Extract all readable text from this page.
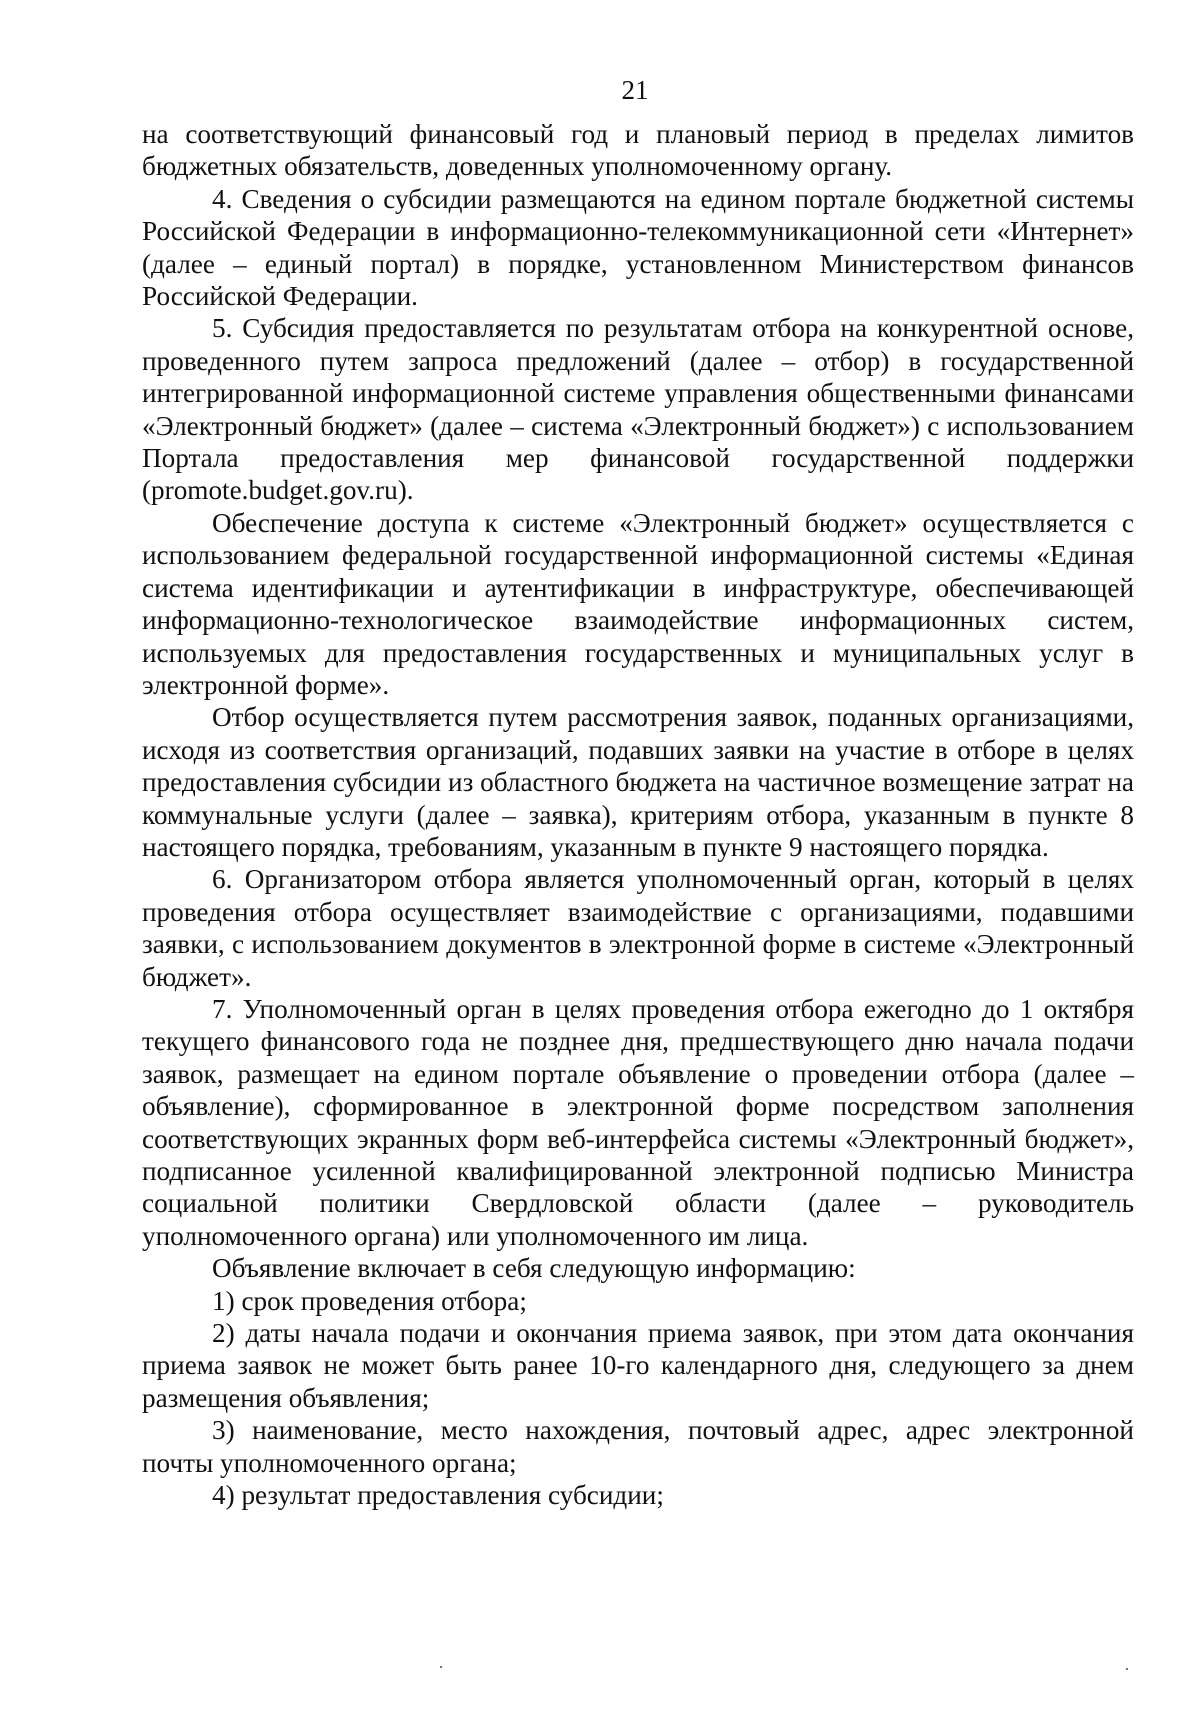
21

на соответствующий финансовый год и плановый период в пределах лимитов бюджетных обязательств, доведенных уполномоченному органу.

4. Сведения о субсидии размещаются на едином портале бюджетной системы Российской Федерации в информационно-телекоммуникационной сети «Интернет» (далее – единый портал) в порядке, установленном Министерством финансов Российской Федерации.

5. Субсидия предоставляется по результатам отбора на конкурентной основе, проведенного путем запроса предложений (далее – отбор) в государственной интегрированной информационной системе управления общественными финансами «Электронный бюджет» (далее – система «Электронный бюджет») с использованием Портала предоставления мер финансовой государственной поддержки (promote.budget.gov.ru).

Обеспечение доступа к системе «Электронный бюджет» осуществляется с использованием федеральной государственной информационной системы «Единая система идентификации и аутентификации в инфраструктуре, обеспечивающей информационно-технологическое взаимодействие информационных систем, используемых для предоставления государственных и муниципальных услуг в электронной форме».

Отбор осуществляется путем рассмотрения заявок, поданных организациями, исходя из соответствия организаций, подавших заявки на участие в отборе в целях предоставления субсидии из областного бюджета на частичное возмещение затрат на коммунальные услуги (далее – заявка), критериям отбора, указанным в пункте 8 настоящего порядка, требованиям, указанным в пункте 9 настоящего порядка.

6. Организатором отбора является уполномоченный орган, который в целях проведения отбора осуществляет взаимодействие с организациями, подавшими заявки, с использованием документов в электронной форме в системе «Электронный бюджет».

7. Уполномоченный орган в целях проведения отбора ежегодно до 1 октября текущего финансового года не позднее дня, предшествующего дню начала подачи заявок, размещает на едином портале объявление о проведении отбора (далее – объявление), сформированное в электронной форме посредством заполнения соответствующих экранных форм веб-интерфейса системы «Электронный бюджет», подписанное усиленной квалифицированной электронной подписью Министра социальной политики Свердловской области (далее – руководитель уполномоченного органа) или уполномоченного им лица.

Объявление включает в себя следующую информацию:

1) срок проведения отбора;

2) даты начала подачи и окончания приема заявок, при этом дата окончания приема заявок не может быть ранее 10-го календарного дня, следующего за днем размещения объявления;

3) наименование, место нахождения, почтовый адрес, адрес электронной почты уполномоченного органа;

4) результат предоставления субсидии;
